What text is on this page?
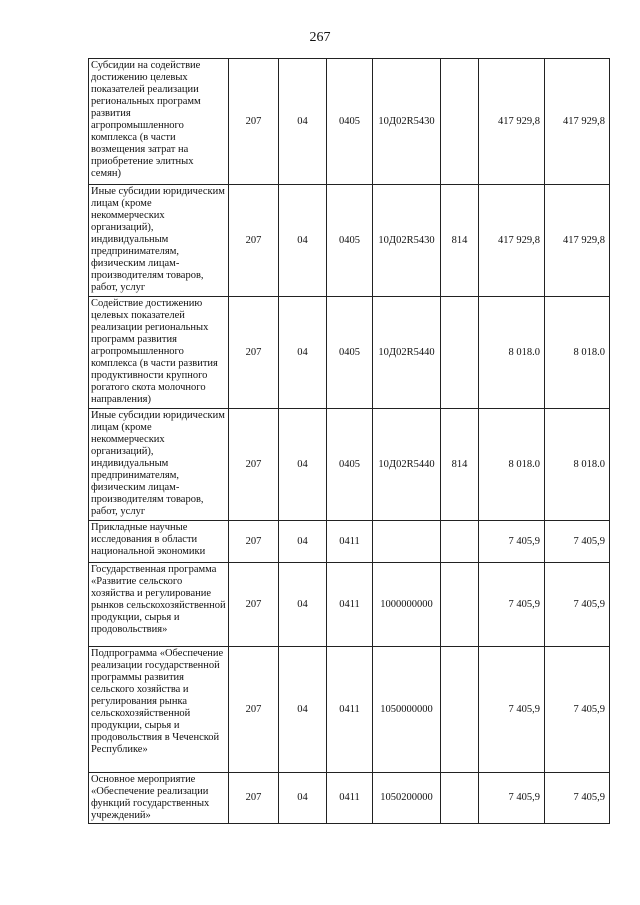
267
Субсидии на содействие достижению целевых показателей реализации региональных программ развития агропромышленного комплекса (в части возмещения затрат на приобретение элитных семян)	207	04	0405	10Д02R5430		417 929,8	417 929,8
Иные субсидии юридическим лицам (кроме некоммерческих организаций), индивидуальным предпринимателям, физическим лицам-производителям товаров, работ, услуг	207	04	0405	10Д02R5430	814	417 929,8	417 929,8
Содействие достижению целевых показателей реализации региональных программ развития агропромышленного комплекса (в части развития продуктивности крупного рогатого скота молочного направления)	207	04	0405	10Д02R5440		8 018.0	8 018.0
Иные субсидии юридическим лицам (кроме некоммерческих организаций), индивидуальным предпринимателям, физическим лицам-производителям товаров, работ, услуг	207	04	0405	10Д02R5440	814	8 018.0	8 018.0
Прикладные научные исследования в области национальной экономики	207	04	0411			7 405,9	7 405,9
Государственная программа «Развитие сельского хозяйства и регулирование рынков сельскохозяйственной продукции, сырья и продовольствия»	207	04	0411	1000000000		7 405,9	7 405,9
Подпрограмма «Обеспечение реализации государственной программы развития сельского хозяйства и регулирования рынка сельскохозяйственной продукции, сырья и продовольствия в Чеченской Республике»	207	04	0411	1050000000		7 405,9	7 405,9
Основное мероприятие «Обеспечение реализации функций государственных учреждений»	207	04	0411	1050200000		7 405,9	7 405,9
